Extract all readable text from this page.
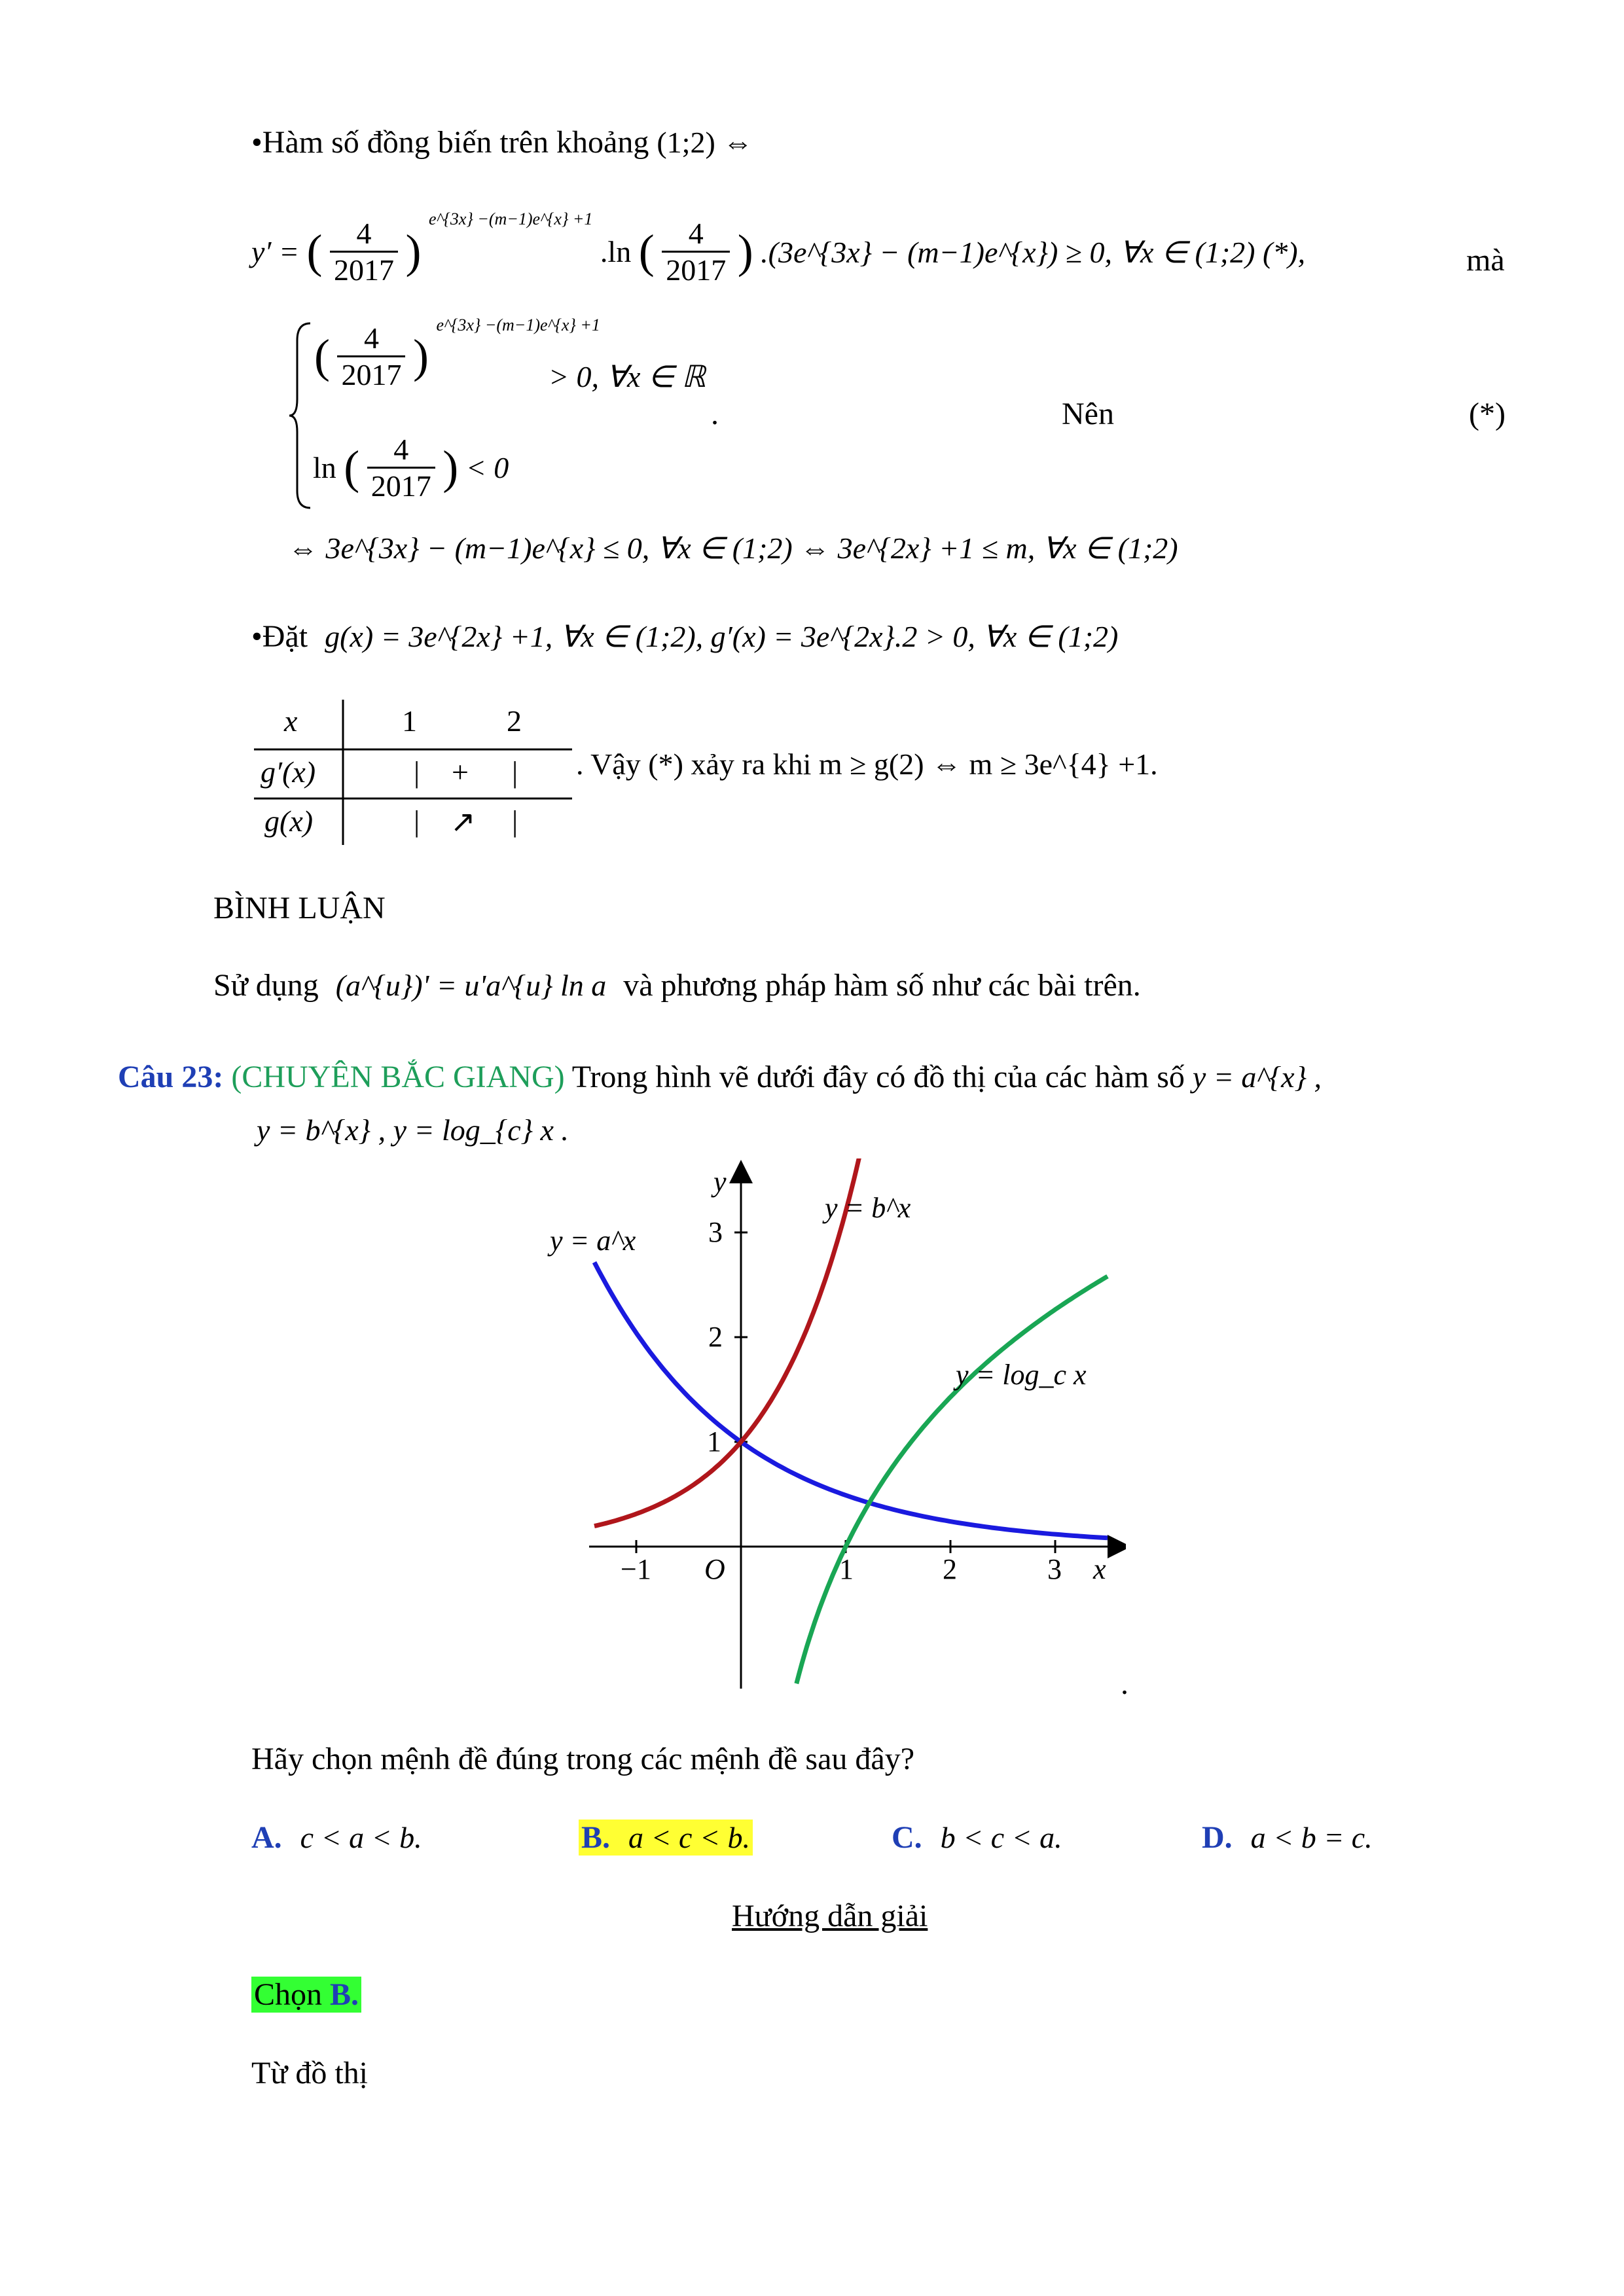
•Hàm số đồng biến trên khoảng (1;2) ⇔
y′ = ( $\frac{4}{2017}$ ) e^{3x} −(m−1)e^{x} +1 .ln ( $\frac{4}{2017}$ ) .(3e^{3x} − (m−1)e^{x}) ≥ 0, ∀x ∈ (1;2) (*),	mà
( $\frac{4}{2017}$ ) e^{3x} −(m−1)e^{x} +1
> 0, ∀x ∈ ℝ
ln ( $\frac{4}{2017}$ ) < 0
.	Nên	(*)
⇔ 3e^{3x} − (m−1)e^{x} ≤ 0, ∀x ∈ (1;2) ⇔ 3e^{2x} +1 ≤ m, ∀x ∈ (1;2)
•Đặt g(x) = 3e^{2x} +1, ∀x ∈ (1;2), g′(x) = 3e^{2x}.2 > 0, ∀x ∈ (1;2)
x	1	2
g′(x)	| + |
g(x)	| ↗ |
. Vậy (*) xảy ra khi m ≥ g(2) ⇔ m ≥ 3e^{4} +1.
BÌNH LUẬN
Sử dụng (a^{u})' = u'a^{u} ln a và phương pháp hàm số như các bài trên.
Câu 23: (CHUYÊN BẮC GIANG) Trong hình vẽ dưới đây có đồ thị của các hàm số y = a^{x} ,
y = b^{x} , y = log_{c} x .
−1	1	2	3
1
2
3
O	x
y
y = a^x
y = b^x
y = log_c x
.
Hãy chọn mệnh đề đúng trong các mệnh đề sau đây?
A. c < a < b.	B. a < c < b.	C. b < c < a.	D. a < b = c.
Hướng dẫn giải
Chọn B.
Từ đồ thị
